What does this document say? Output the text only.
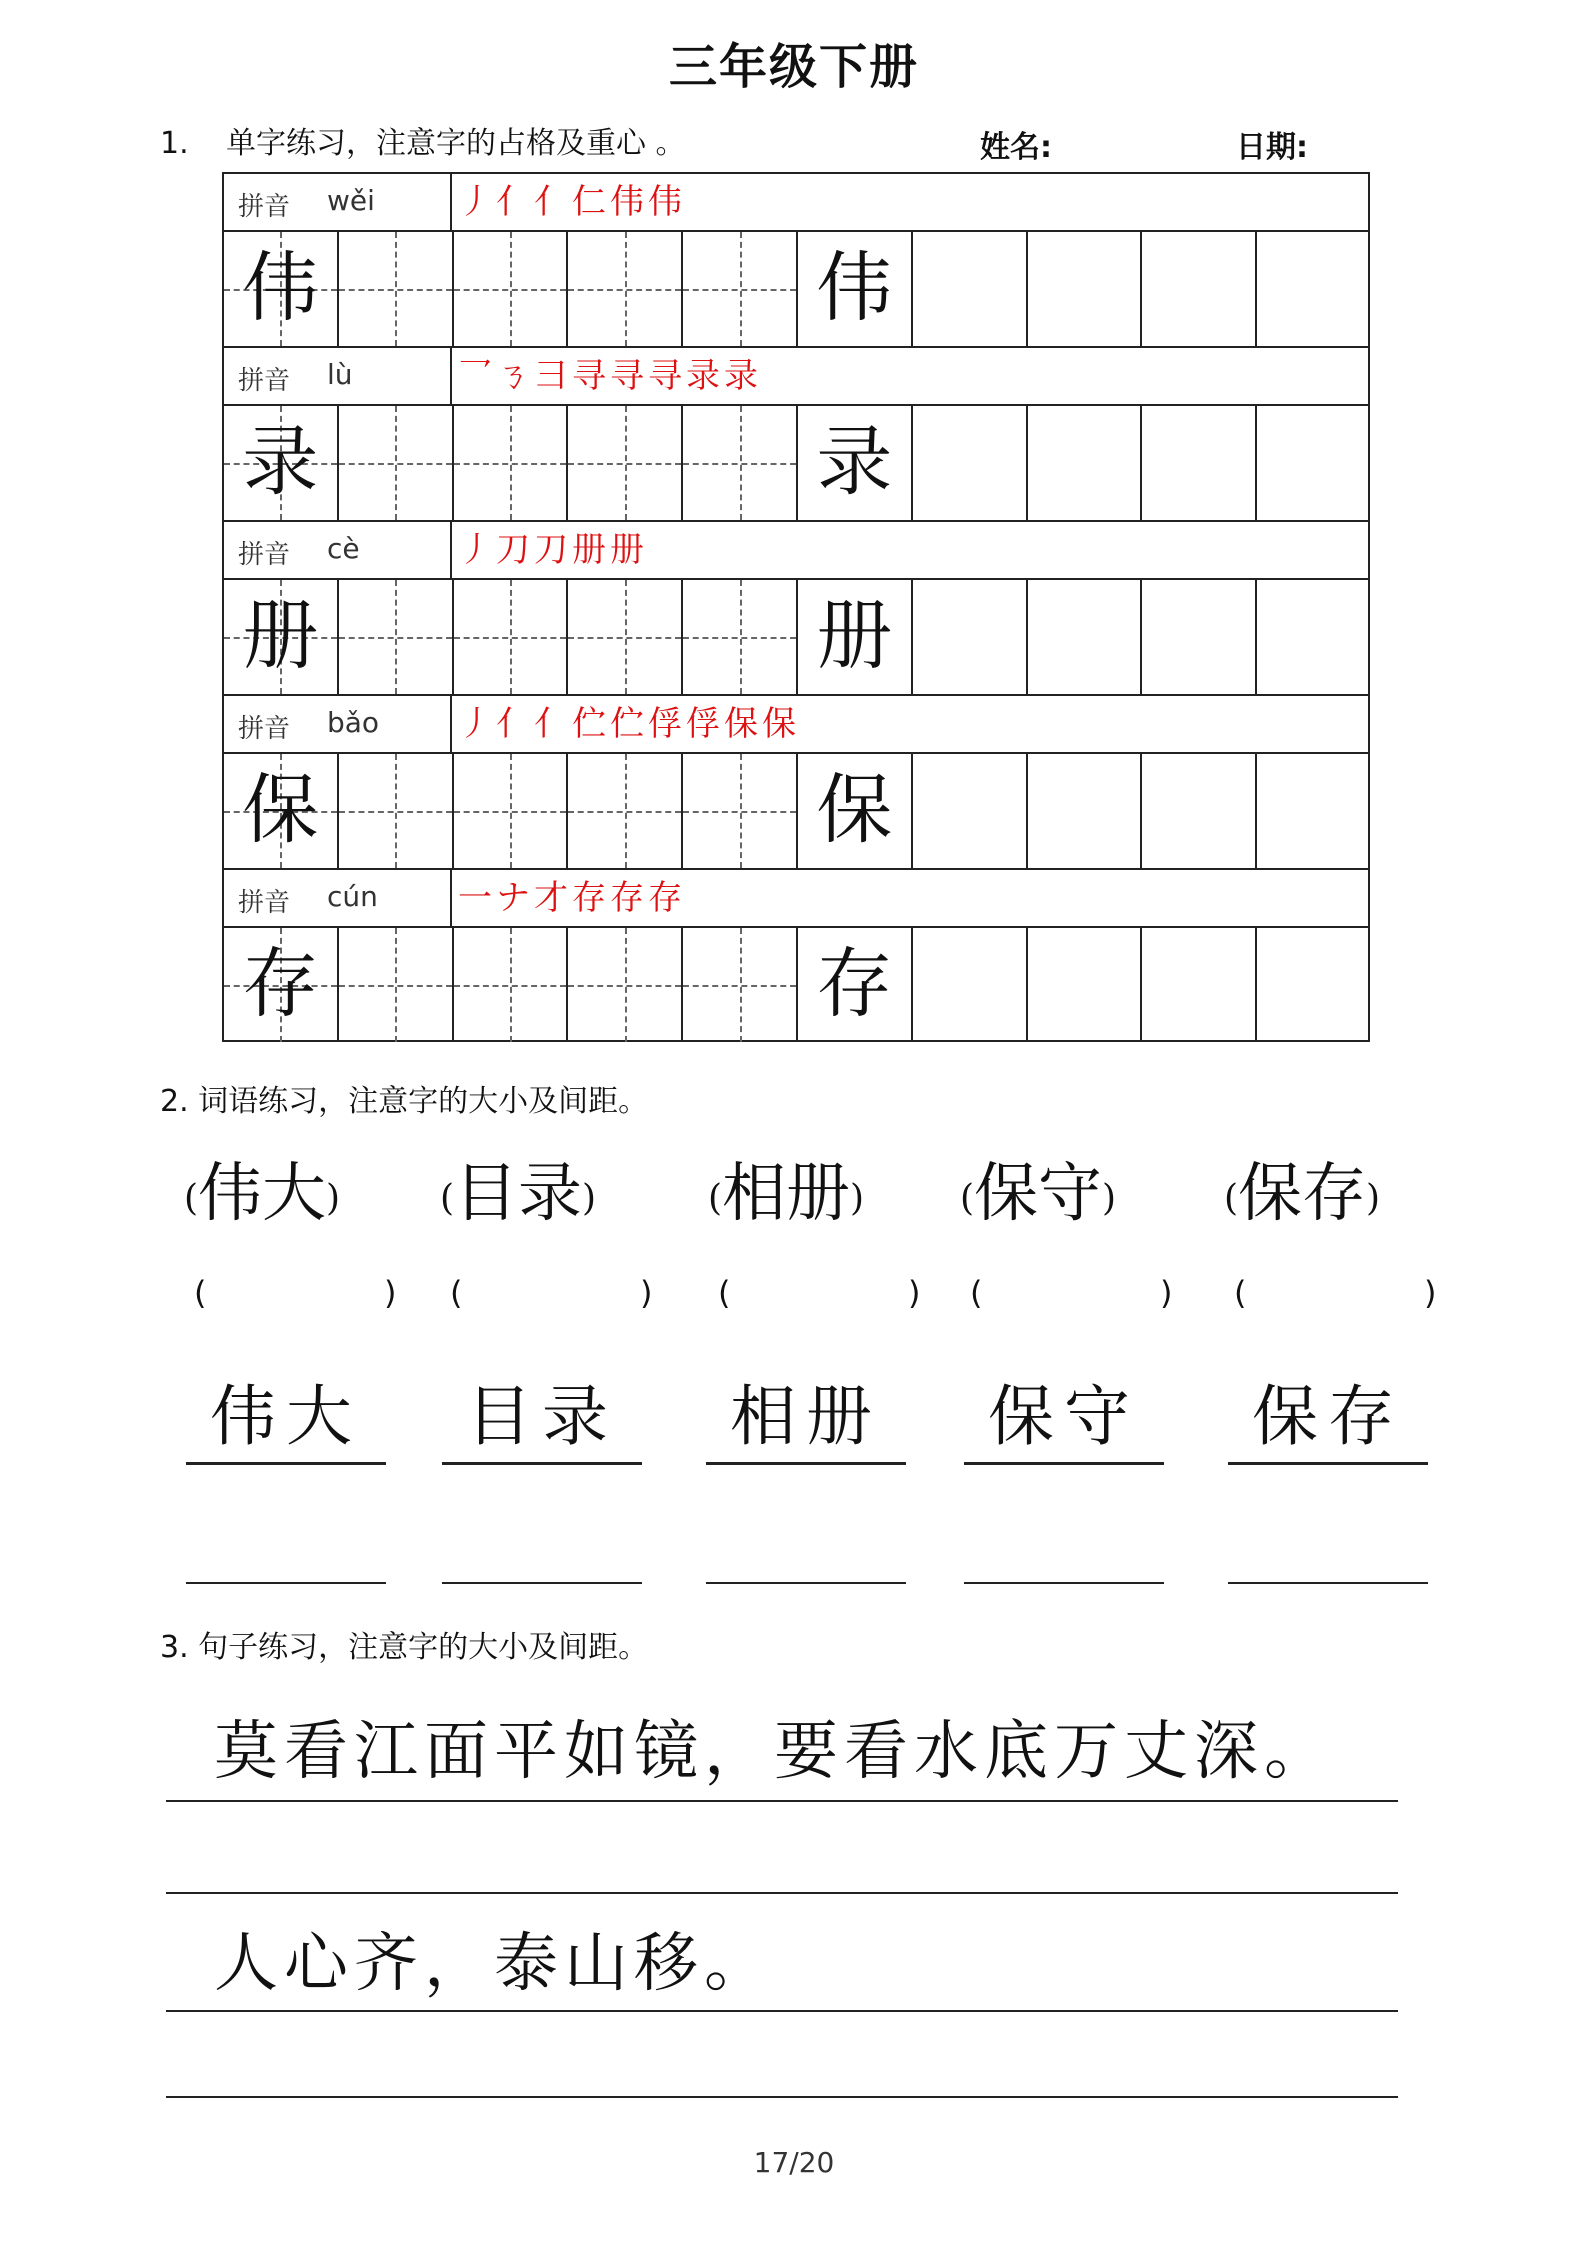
三年级下册
1. 单字练习，注意字的占格及重心 。	姓名:	日期:
拼音 wěi 丿亻亻仁伟伟
伟	伟
拼音 lù	乛ㄋ彐寻寻寻录录
录	录
拼音 cè	丿刀刀册册
册	册
拼音 bǎo 丿亻亻伫伫俘俘保保
保	保
拼音 cún 一ナ才存存存
存	存
2. 词语练习，注意字的大小及间距。
(伟大)	(目录)	(相册)	(保守)	(保存)
(	) (	) (	) (	) (	)
伟大	目录	相册	保守	保存
3. 句子练习，注意字的大小及间距。
莫看江面平如镜，要看水底万丈深。
人心齐，泰山移。
17/20
